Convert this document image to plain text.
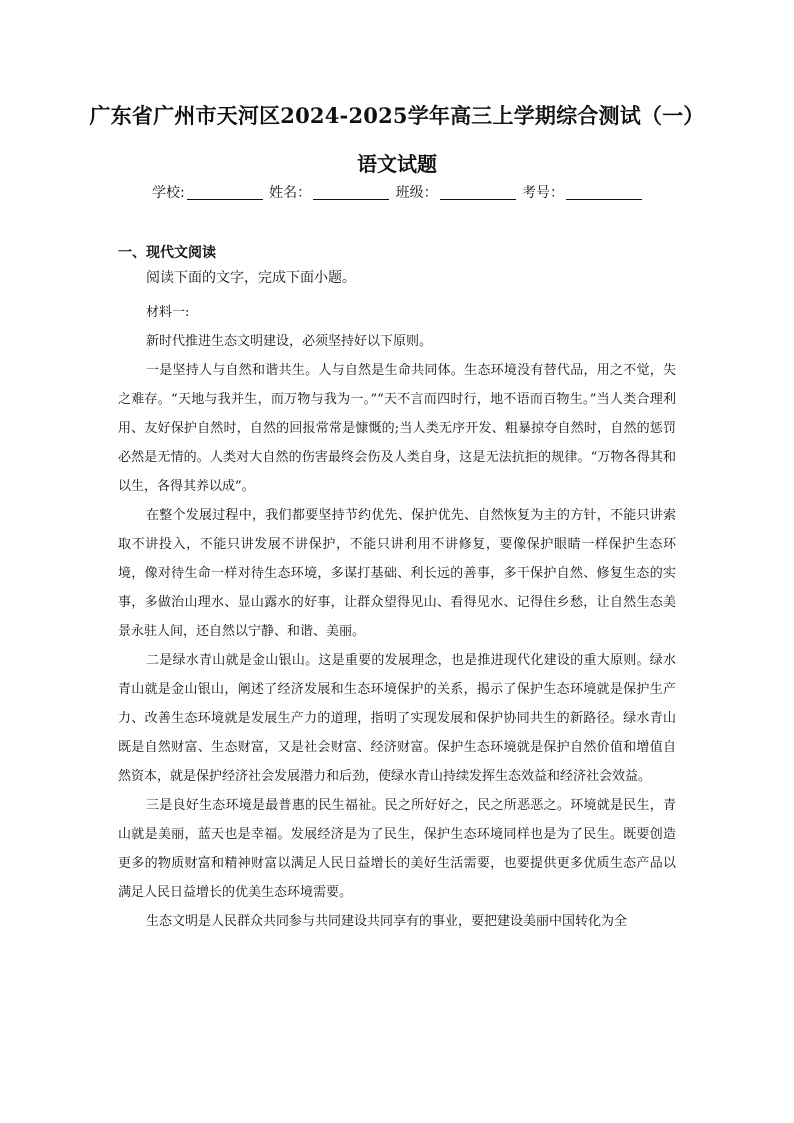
广东省广州市天河区2024-2025学年高三上学期综合测试（一）
语文试题
学校:	姓名：	班级：	考号：
一、现代文阅读
阅读下面的文字，完成下面小题。

材料一:

新时代推进生态文明建设，必须坚持好以下原则。

一是坚持人与自然和谐共生。人与自然是生命共同体。生态环境没有替代品，用之不觉，失之难存。“天地与我并生，而万物与我为一。”“天不言而四时行，地不语而百物生。”当人类合理利用、友好保护自然时，自然的回报常常是慷慨的;当人类无序开发、粗暴掠夺自然时，自然的惩罚必然是无情的。人类对大自然的伤害最终会伤及人类自身，这是无法抗拒的规律。“万物各得其和以生，各得其养以成”。

在整个发展过程中，我们都要坚持节约优先、保护优先、自然恢复为主的方针，不能只讲索取不讲投入，不能只讲发展不讲保护，不能只讲利用不讲修复，要像保护眼睛一样保护生态环境，像对待生命一样对待生态环境，多谋打基础、利长远的善事，多干保护自然、修复生态的实事，多做治山理水、显山露水的好事，让群众望得见山、看得见水、记得住乡愁，让自然生态美景永驻人间，还自然以宁静、和谐、美丽。

二是绿水青山就是金山银山。这是重要的发展理念，也是推进现代化建设的重大原则。绿水青山就是金山银山，阐述了经济发展和生态环境保护的关系，揭示了保护生态环境就是保护生产力、改善生态环境就是发展生产力的道理，指明了实现发展和保护协同共生的新路径。绿水青山既是自然财富、生态财富，又是社会财富、经济财富。保护生态环境就是保护自然价值和增值自然资本，就是保护经济社会发展潜力和后劲，使绿水青山持续发挥生态效益和经济社会效益。

三是良好生态环境是最普惠的民生福祉。民之所好好之，民之所恶恶之。环境就是民生，青山就是美丽，蓝天也是幸福。发展经济是为了民生，保护生态环境同样也是为了民生。既要创造更多的物质财富和精神财富以满足人民日益增长的美好生活需要，也要提供更多优质生态产品以满足人民日益增长的优美生态环境需要。

生态文明是人民群众共同参与共同建设共同享有的事业，要把建设美丽中国转化为全
